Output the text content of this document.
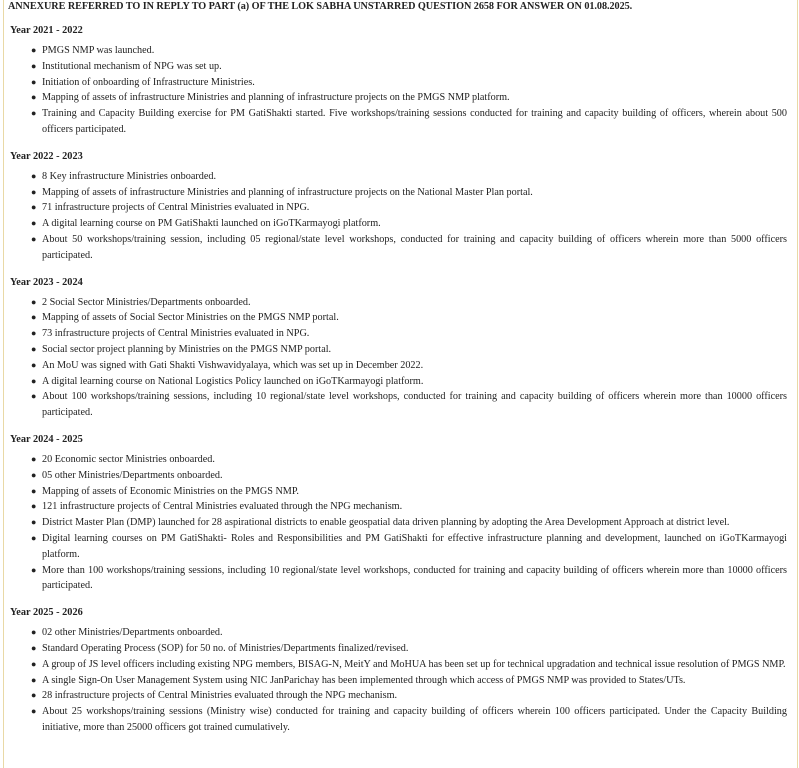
ANNEXURE REFERRED TO IN REPLY TO PART (a) OF THE LOK SABHA UNSTARRED QUESTION 2658 FOR ANSWER ON 01.08.2025.
Year 2021 - 2022
● PMGS NMP was launched.
● Institutional mechanism of NPG was set up.
● Initiation of onboarding of Infrastructure Ministries.
● Mapping of assets of infrastructure Ministries and planning of infrastructure projects on the PMGS NMP platform.
● Training and Capacity Building exercise for PM GatiShakti started. Five workshops/training sessions conducted for training and capacity building of officers, wherein about 500 officers participated.
Year 2022 - 2023
● 8 Key infrastructure Ministries onboarded.
● Mapping of assets of infrastructure Ministries and planning of infrastructure projects on the National Master Plan portal.
● 71 infrastructure projects of Central Ministries evaluated in NPG.
● A digital learning course on PM GatiShakti launched on iGoTKarmayogi platform.
● About 50 workshops/training session, including 05 regional/state level workshops, conducted for training and capacity building of officers wherein more than 5000 officers participated.
Year 2023 - 2024
● 2 Social Sector Ministries/Departments onboarded.
● Mapping of assets of Social Sector Ministries on the PMGS NMP portal.
● 73 infrastructure projects of Central Ministries evaluated in NPG.
● Social sector project planning by Ministries on the PMGS NMP portal.
● An MoU was signed with Gati Shakti Vishwavidyalaya, which was set up in December 2022.
● A digital learning course on National Logistics Policy launched on iGoTKarmayogi platform.
● About 100 workshops/training sessions, including 10 regional/state level workshops, conducted for training and capacity building of officers wherein more than 10000 officers participated.
Year 2024 - 2025
● 20 Economic sector Ministries onboarded.
● 05 other Ministries/Departments onboarded.
● Mapping of assets of Economic Ministries on the PMGS NMP.
● 121 infrastructure projects of Central Ministries evaluated through the NPG mechanism.
● District Master Plan (DMP) launched for 28 aspirational districts to enable geospatial data driven planning by adopting the Area Development Approach at district level.
● Digital learning courses on PM GatiShakti- Roles and Responsibilities and PM GatiShakti for effective infrastructure planning and development, launched on iGoTKarmayogi platform.
● More than 100 workshops/training sessions, including 10 regional/state level workshops, conducted for training and capacity building of officers wherein more than 10000 officers participated.
Year 2025 - 2026
● 02 other Ministries/Departments onboarded.
● Standard Operating Process (SOP) for 50 no. of Ministries/Departments finalized/revised.
● A group of JS level officers including existing NPG members, BISAG-N, MeitY and MoHUA has been set up for technical upgradation and technical issue resolution of PMGS NMP.
● A single Sign-On User Management System using NIC JanParichay has been implemented through which access of PMGS NMP was provided to States/UTs.
● 28 infrastructure projects of Central Ministries evaluated through the NPG mechanism.
● About 25 workshops/training sessions (Ministry wise) conducted for training and capacity building of officers wherein 100 officers participated. Under the Capacity Building initiative, more than 25000 officers got trained cumulatively.
